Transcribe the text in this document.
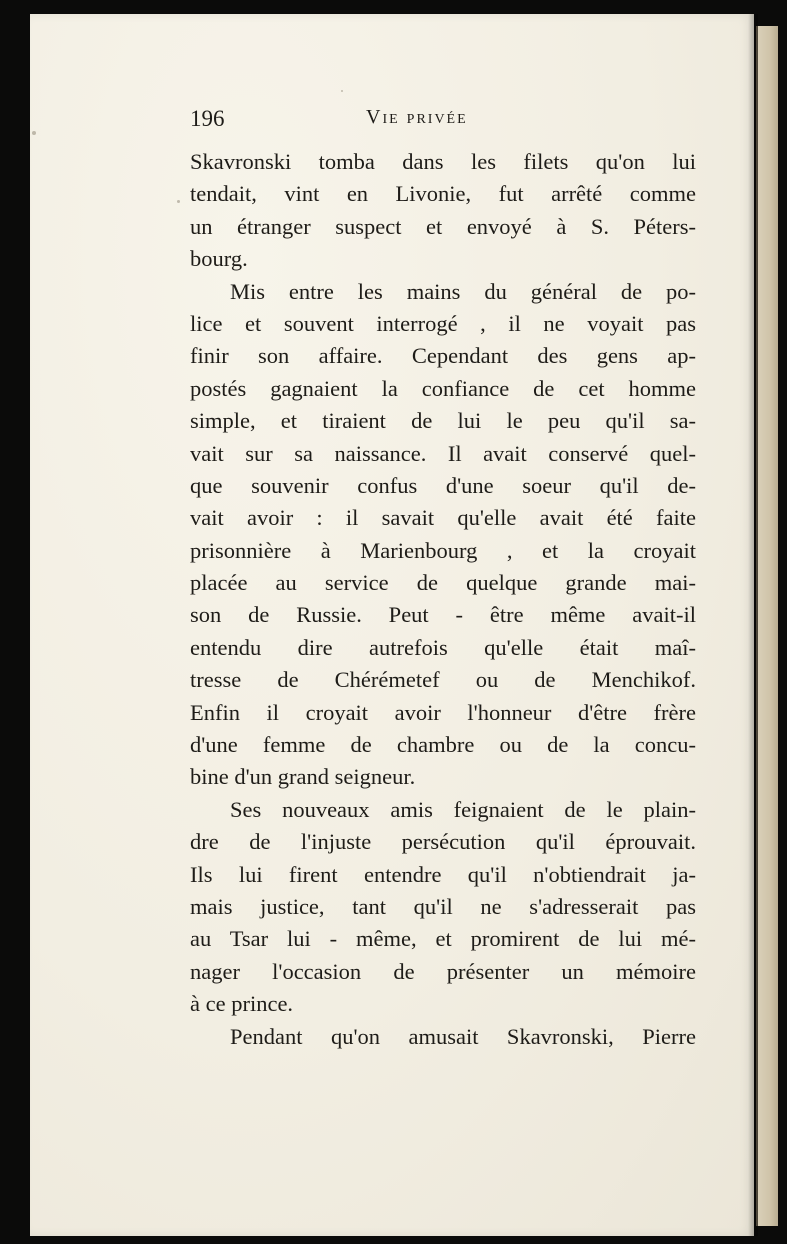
196	Vie privée
Skavronski tomba dans les filets qu'on lui
tendait, vint en Livonie, fut arrêté comme
un étranger suspect et envoyé à S. Péters-
bourg.
Mis entre les mains du général de po-
lice et souvent interrogé , il ne voyait pas
finir son affaire. Cependant des gens ap-
postés gagnaient la confiance de cet homme
simple, et tiraient de lui le peu qu'il sa-
vait sur sa naissance. Il avait conservé quel-
que souvenir confus d'une soeur qu'il de-
vait avoir : il savait qu'elle avait été faite
prisonnière à Marienbourg , et la croyait
placée au service de quelque grande mai-
son de Russie. Peut - être même avait-il
entendu dire autrefois qu'elle était maî-
tresse de Chérémetef ou de Menchikof.
Enfin il croyait avoir l'honneur d'être frère
d'une femme de chambre ou de la concu-
bine d'un grand seigneur.
Ses nouveaux amis feignaient de le plain-
dre de l'injuste persécution qu'il éprouvait.
Ils lui firent entendre qu'il n'obtiendrait ja-
mais justice, tant qu'il ne s'adresserait pas
au Tsar lui - même, et promirent de lui mé-
nager l'occasion de présenter un mémoire
à ce prince.
Pendant qu'on amusait Skavronski, Pierre
